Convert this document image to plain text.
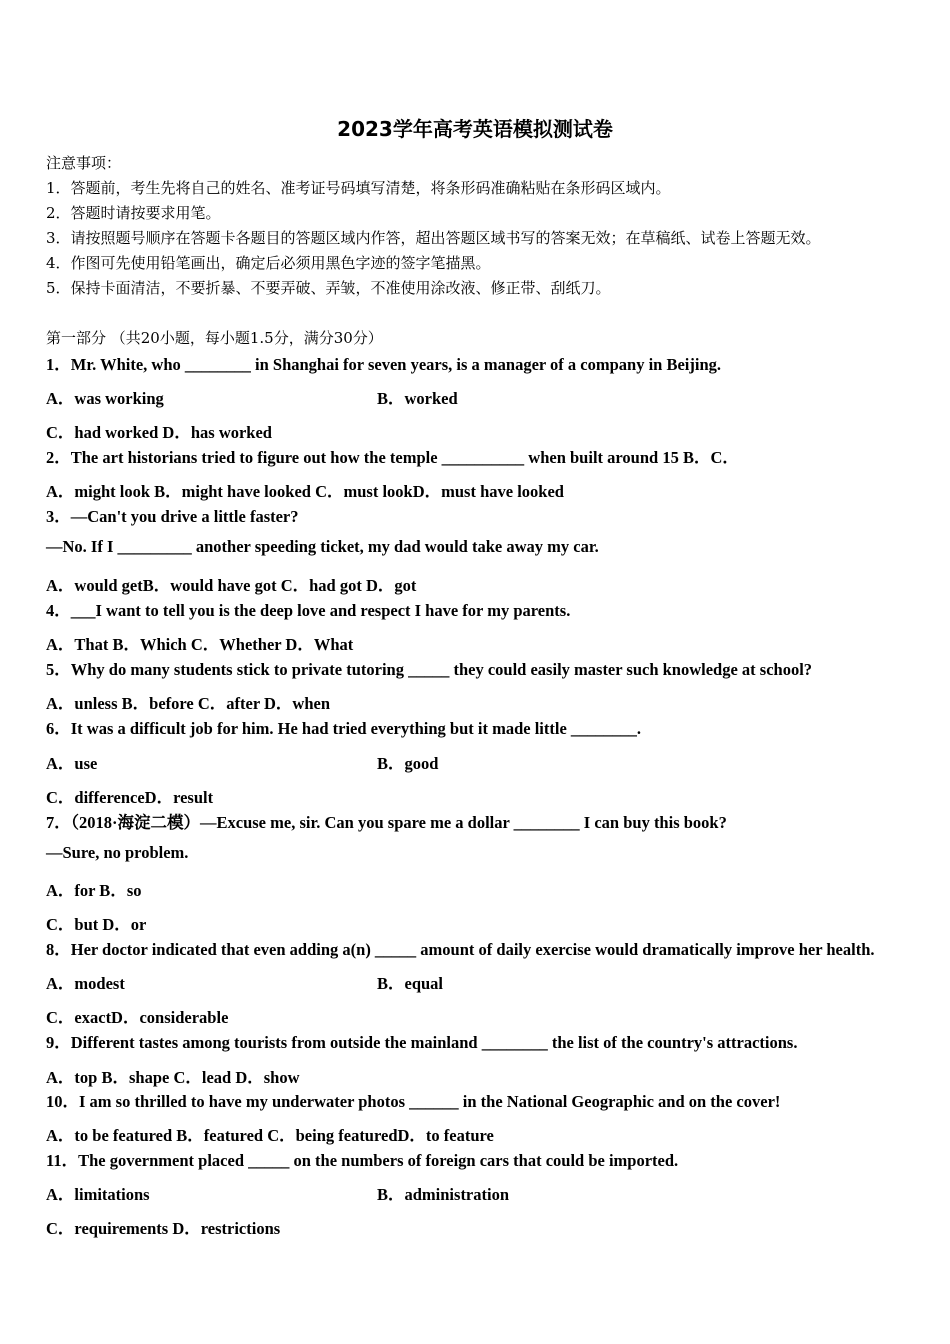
2023学年高考英语模拟测试卷
注意事项：
1．答题前，考生先将自己的姓名、准考证号码填写清楚，将条形码准确粘贴在条形码区域内。
2．答题时请按要求用笔。
3．请按照题号顺序在答题卡各题目的答题区域内作答，超出答题区域书写的答案无效；在草稿纸、试卷上答题无效。
4．作图可先使用铅笔画出，确定后必须用黑色字迹的签字笔描黑。
5．保持卡面清洁，不要折暴、不要弄破、弄皱，不准使用涂改液、修正带、刮纸刀。
第一部分 （共20小题，每小题1.5分，满分30分）
1．Mr. White, who ________ in Shanghai for seven years, is a manager of a company in Beijing.
A．was working	B．worked
C．had worked D．has worked
2．The art historians tried to figure out how the temple __________ when built around 15 B．C．
A．might look B．might have looked C．must lookD．must have looked
3．—Can't you drive a little faster?
—No. If I _________ another speeding ticket, my dad would take away my car.
A．would getB．would have got C．had got D．got
4．___I want to tell you is the deep love and respect I have for my parents.
A．That B．Which C．Whether D．What
5．Why do many students stick to private tutoring _____ they could easily master such knowledge at school?
A．unless B．before C．after D．when
6．It was a difficult job for him. He had tried everything but it made little ________.
A．use	B．good
C．differenceD．result
7．（2018·海淀二模）—Excuse me, sir. Can you spare me a dollar ________ I can buy this book?
—Sure, no problem.
A．for B．so
C．but D．or
8．Her doctor indicated that even adding a(n) _____ amount of daily exercise would dramatically improve her health.
A．modest	B．equal
C．exactD．considerable
9．Different tastes among tourists from outside the mainland ________ the list of the country's attractions.
A．top B．shape C．lead D．show
10．I am so thrilled to have my underwater photos ______ in the National Geographic and on the cover!
A．to be featured B．featured C．being featuredD．to feature
11．The government placed _____ on the numbers of foreign cars that could be imported.
A．limitations	B．administration
C．requirements D．restrictions
